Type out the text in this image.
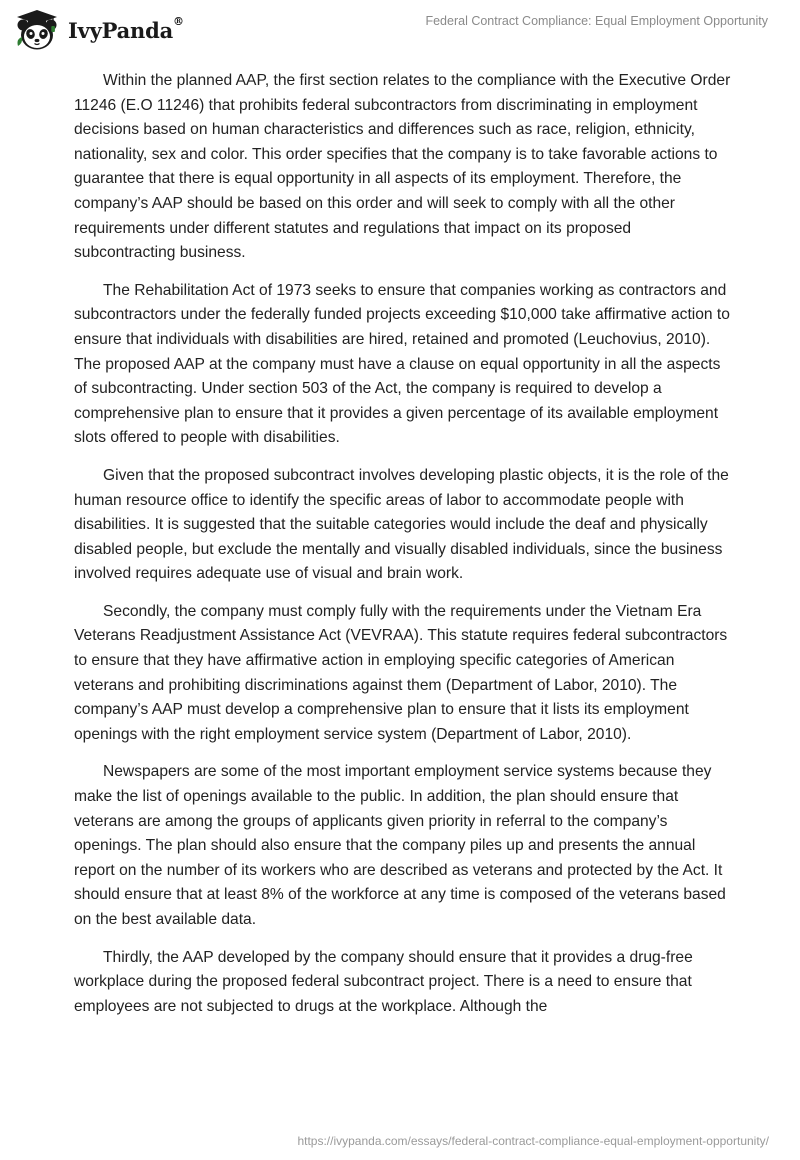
IvyPanda®	Federal Contract Compliance: Equal Employment Opportunity

Within the planned AAP, the first section relates to the compliance with the Executive Order 11246 (E.O 11246) that prohibits federal subcontractors from discriminating in employment decisions based on human characteristics and differences such as race, religion, ethnicity, nationality, sex and color. This order specifies that the company is to take favorable actions to guarantee that there is equal opportunity in all aspects of its employment. Therefore, the company’s AAP should be based on this order and will seek to comply with all the other requirements under different statutes and regulations that impact on its proposed subcontracting business.

The Rehabilitation Act of 1973 seeks to ensure that companies working as contractors and subcontractors under the federally funded projects exceeding $10,000 take affirmative action to ensure that individuals with disabilities are hired, retained and promoted (Leuchovius, 2010). The proposed AAP at the company must have a clause on equal opportunity in all the aspects of subcontracting. Under section 503 of the Act, the company is required to develop a comprehensive plan to ensure that it provides a given percentage of its available employment slots offered to people with disabilities.

Given that the proposed subcontract involves developing plastic objects, it is the role of the human resource office to identify the specific areas of labor to accommodate people with disabilities. It is suggested that the suitable categories would include the deaf and physically disabled people, but exclude the mentally and visually disabled individuals, since the business involved requires adequate use of visual and brain work.

Secondly, the company must comply fully with the requirements under the Vietnam Era Veterans Readjustment Assistance Act (VEVRAA). This statute requires federal subcontractors to ensure that they have affirmative action in employing specific categories of American veterans and prohibiting discriminations against them (Department of Labor, 2010). The company’s AAP must develop a comprehensive plan to ensure that it lists its employment openings with the right employment service system (Department of Labor, 2010).

Newspapers are some of the most important employment service systems because they make the list of openings available to the public. In addition, the plan should ensure that veterans are among the groups of applicants given priority in referral to the company’s openings. The plan should also ensure that the company piles up and presents the annual report on the number of its workers who are described as veterans and protected by the Act. It should ensure that at least 8% of the workforce at any time is composed of the veterans based on the best available data.

Thirdly, the AAP developed by the company should ensure that it provides a drug-free workplace during the proposed federal subcontract project. There is a need to ensure that employees are not subjected to drugs at the workplace. Although the

https://ivypanda.com/essays/federal-contract-compliance-equal-employment-opportunity/
